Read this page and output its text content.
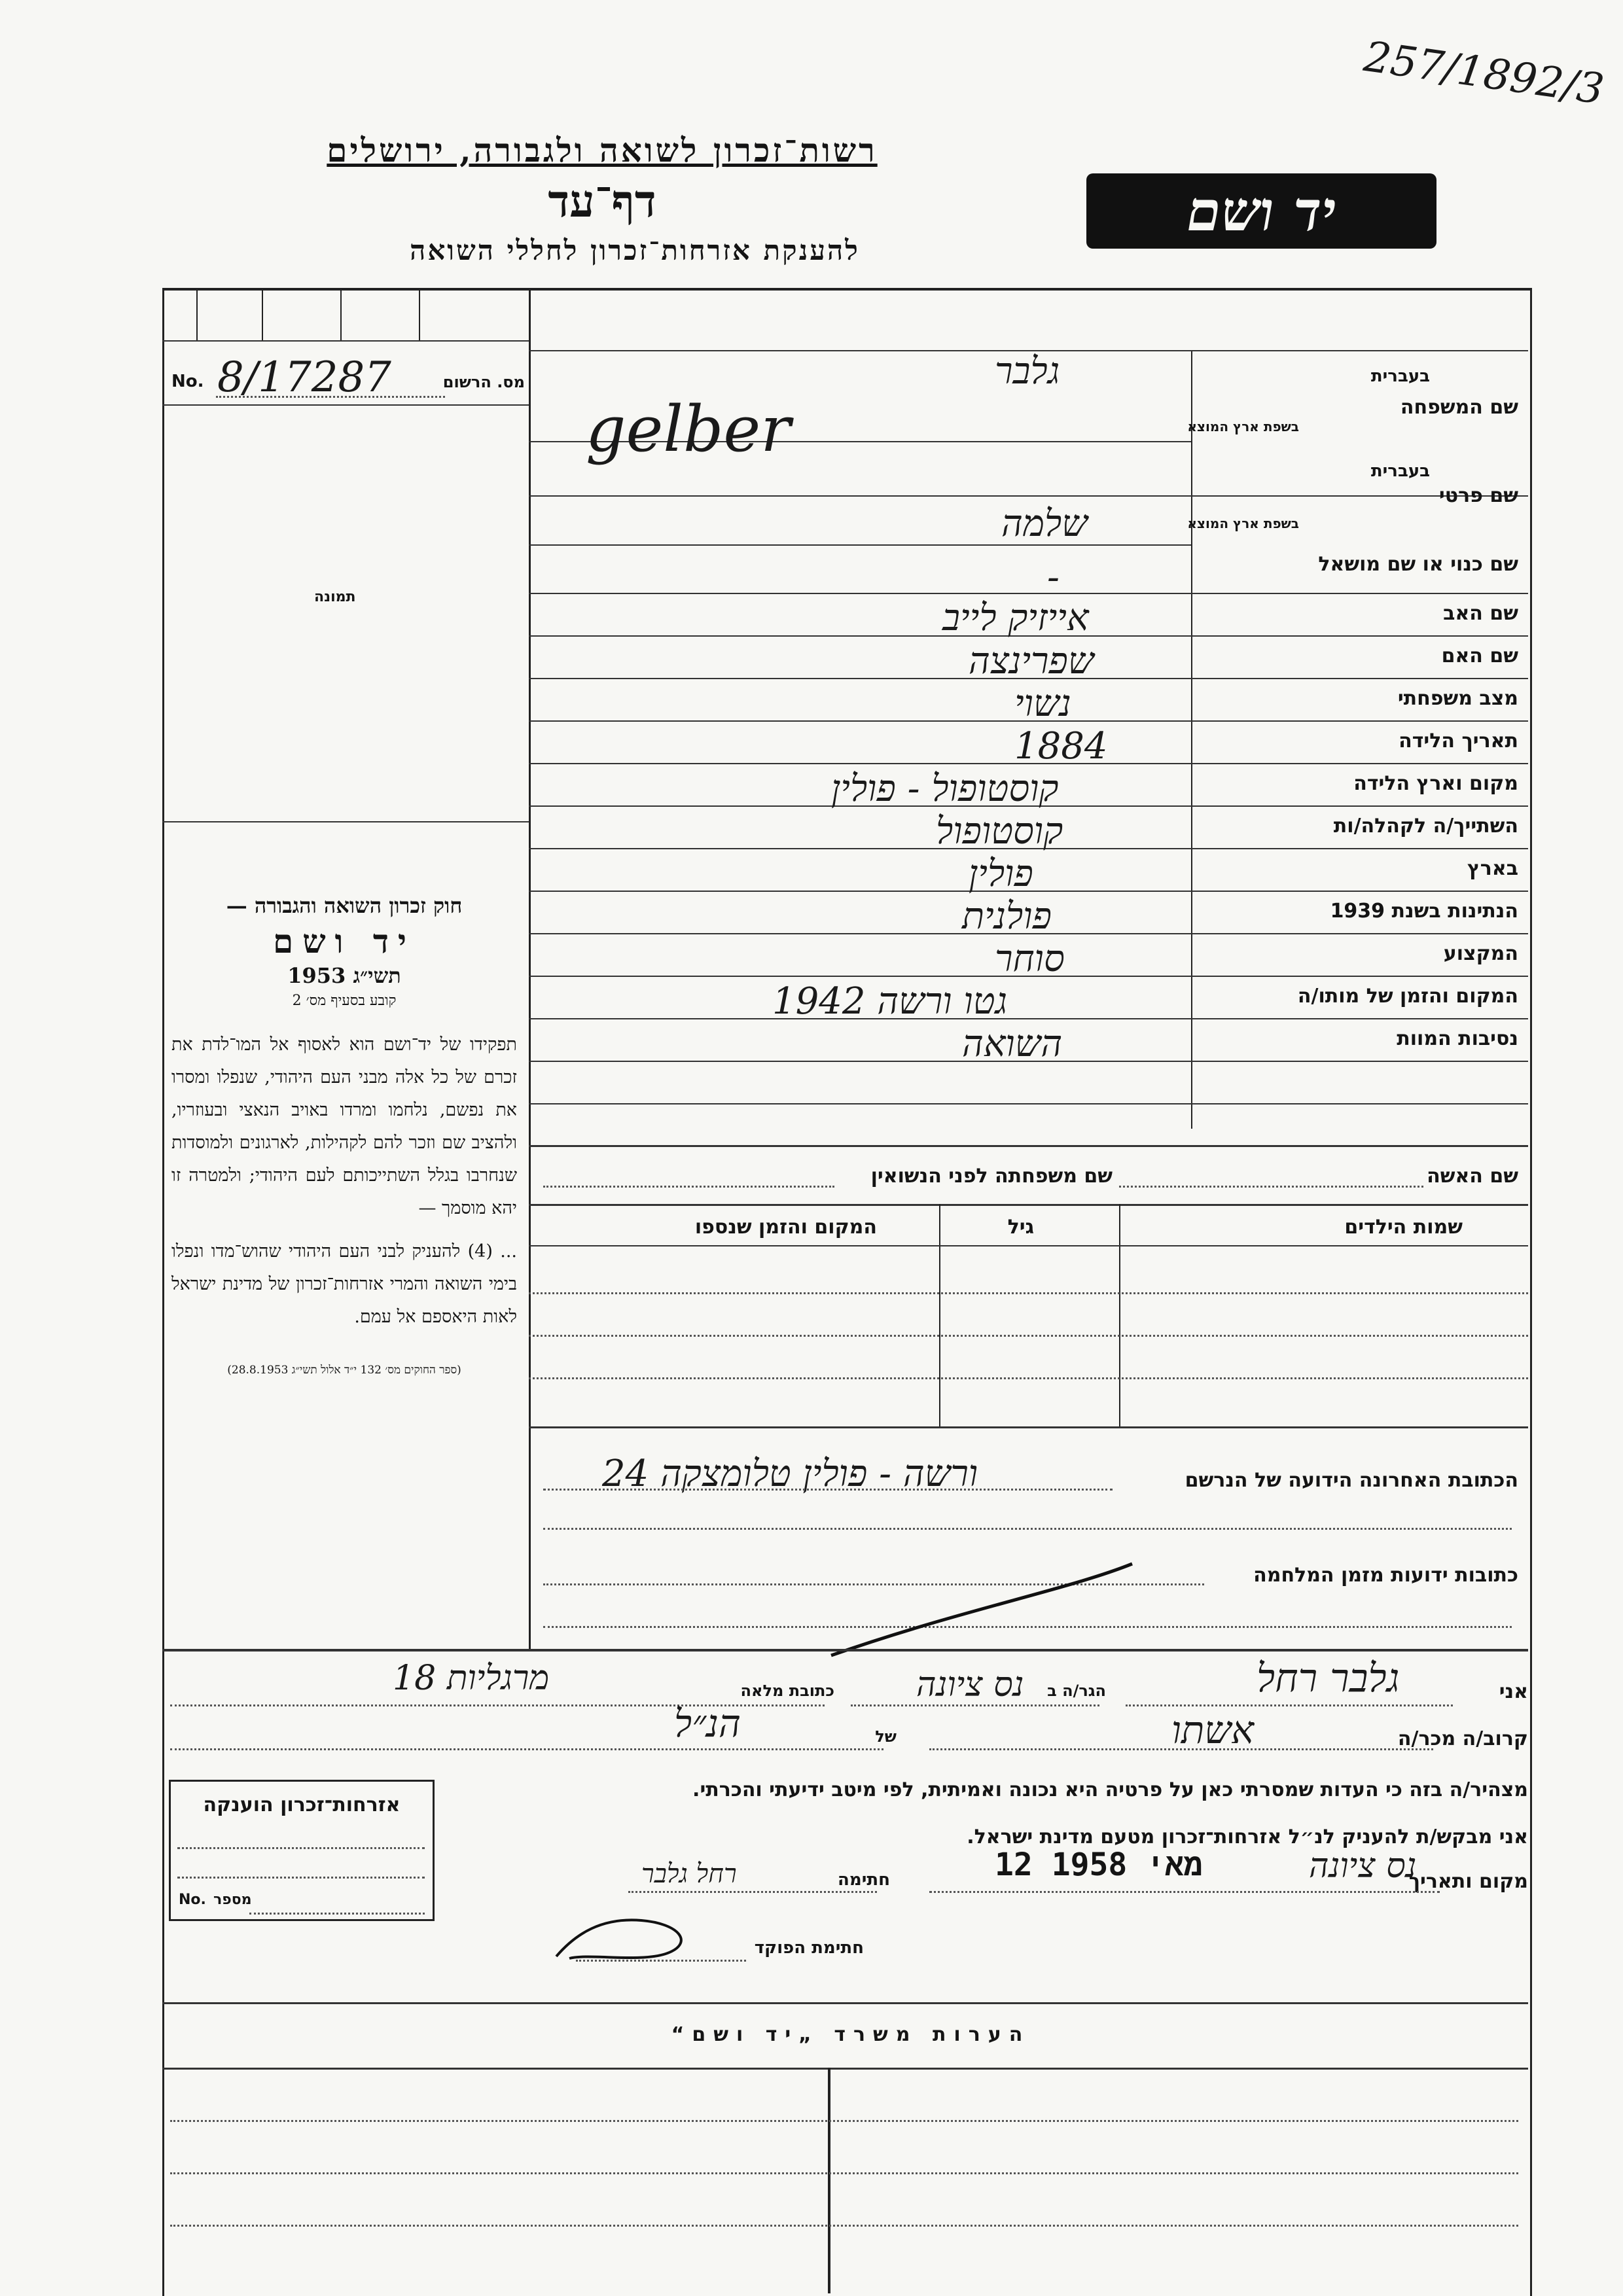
257/1892/3
רשות־זכרון לשואה ולגבורה, ירושלים
דף־עד
להענקת אזרחות־זכרון לחללי השואה
יד ושם
No. 8/17287	מס. הרשום
תמונה
חוק זכרון השואה והגבורה —
יד ושם
תשי״ג 1953
קובע בסעיף מס׳ 2
תפקידו של יד־ושם הוא לאסוף אל המו־לדת את זכרם של כל אלה מבני העם היהודי, שנפלו ומסרו את נפשם, נלחמו ומרדו באויב הנאצי ובעוזריו, ולהציב שם וזכר להם לקהילות, לארגונים ולמוסדות שנחרבו בגלל השתייכותם לעם היהודי; ולמטרה זו יהא מוסמך —
... (4) להעניק לבני העם היהודי שהוש־מדו ונפלו בימי השואה והמרי אזרחות־זכרון של מדינת ישראל לאות היאספם אל עמם.
(ספר החוקים מס׳ 132 י״ד אלול תשי״ג 28.8.1953)
שם המשפחה
בעברית
בשפת ארץ המוצא
גלבר
gelber
שם פרטי
בעברית
בשפת ארץ המוצא
שלמה
שם כנוי או שם מושאל
-
שם האב
אייזיק לייב
שם האם
שפרינצה
מצב משפחתי
נשוי
תאריך הלידה
1884
מקום וארץ הלידה
קוסטופול - פולין
השתייך/ה לקהלה/ות
קוסטופול
בארץ
פולין
הנתינות בשנת 1939
פולנית
המקצוע
סוחר
המקום והזמן של מותו/ה
גטו ורשה 1942
נסיבות המוות
השואה
שם האשה
שם משפחתה לפני הנשואין
שמות הילדים
גיל
המקום והזמן שנספו
ורשה - פולין טלומצקה 24	הכתובת האחרונה הידועה של הנרשם
כתובות ידועות מזמן המלחמה
אני
גלבר רחל
הגר/ה ב
נס ציונה
כתובת מלאה
מרגליות 18
קרוב/ה מכר/ה
אשתו
של
הנ״ל
מצהיר/ה בזה כי העדות שמסרתי כאן על פרטיה היא נכונה ואמיתית, לפי מיטב ידיעתי והכרתי.
אני מבקש/ת להעניק לנ״ל אזרחות־זכרון מטעם מדינת ישראל.
מקום ותאריך
נס ציונה
12 מאי 1958
חתימה
רחל גלבר
חתימת הפוקד
אזרחות־זכרון הוענקה
No. מספר
הערות משרד „יד ושם“
